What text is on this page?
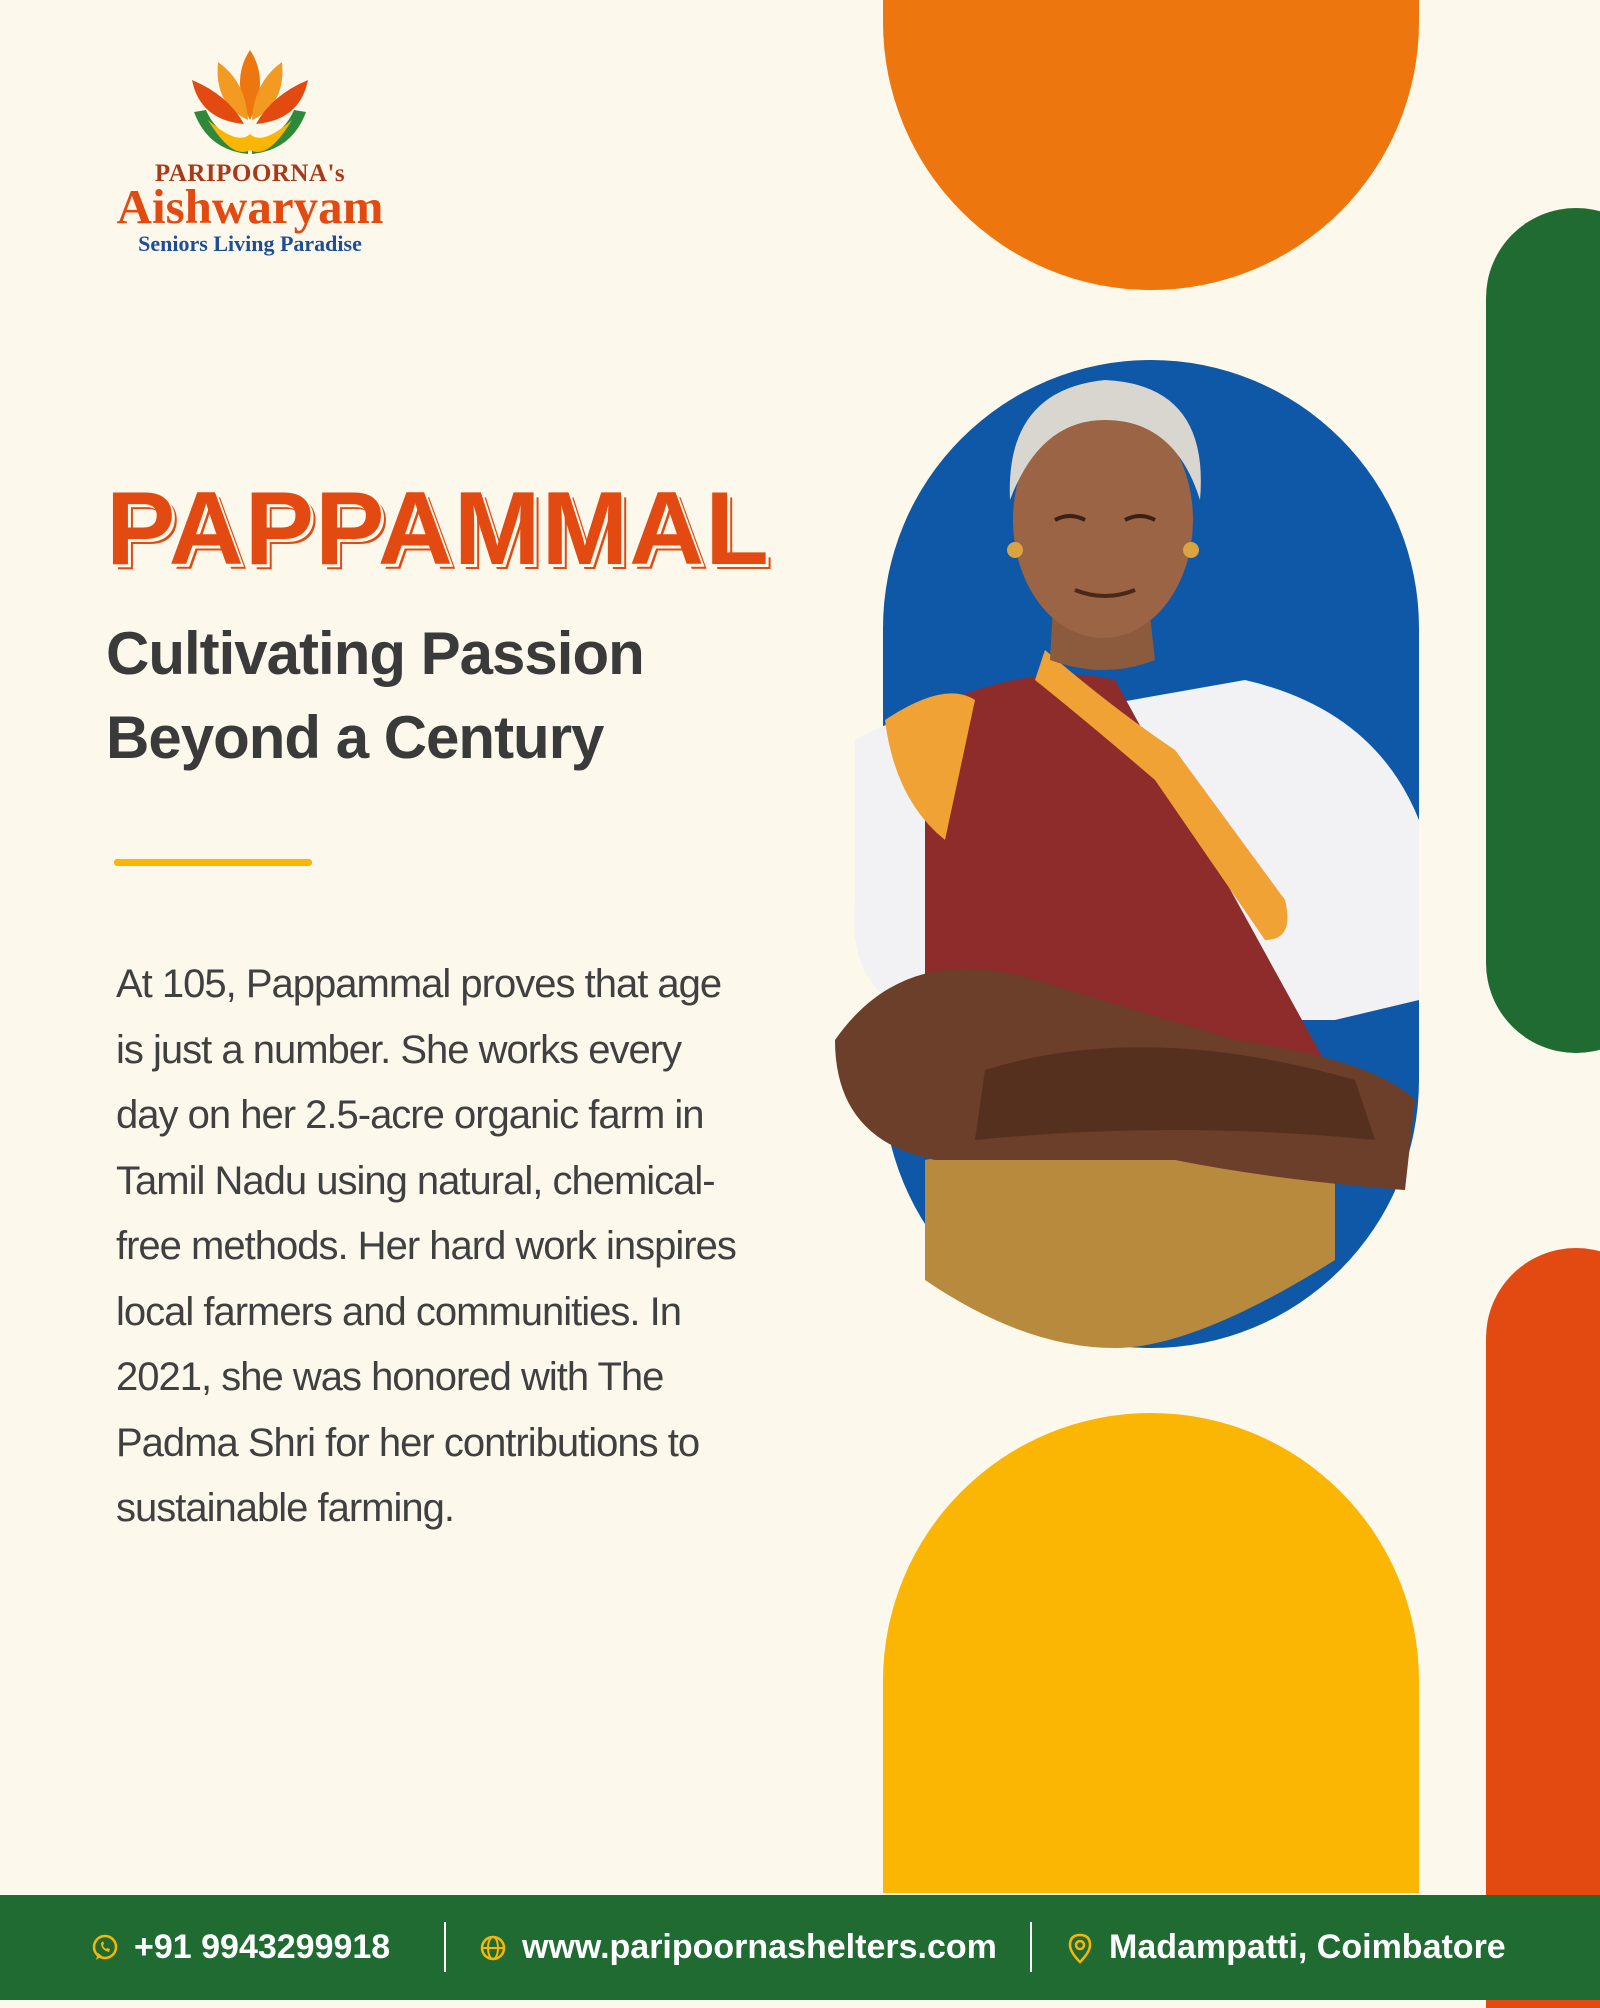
PARIPOORNA's
Aishwaryam
Seniors Living Paradise
PAPPAMMAL
Cultivating Passion Beyond a Century

At 105, Pappammal proves that age is just a number. She works every day on her 2.5-acre organic farm in Tamil Nadu using natural, chemical-free methods. Her hard work inspires local farmers and communities. In 2021, she was honored with The Padma Shri for her contributions to sustainable farming.

+91 9943299918	www.paripoornashelters.com	Madampatti, Coimbatore
